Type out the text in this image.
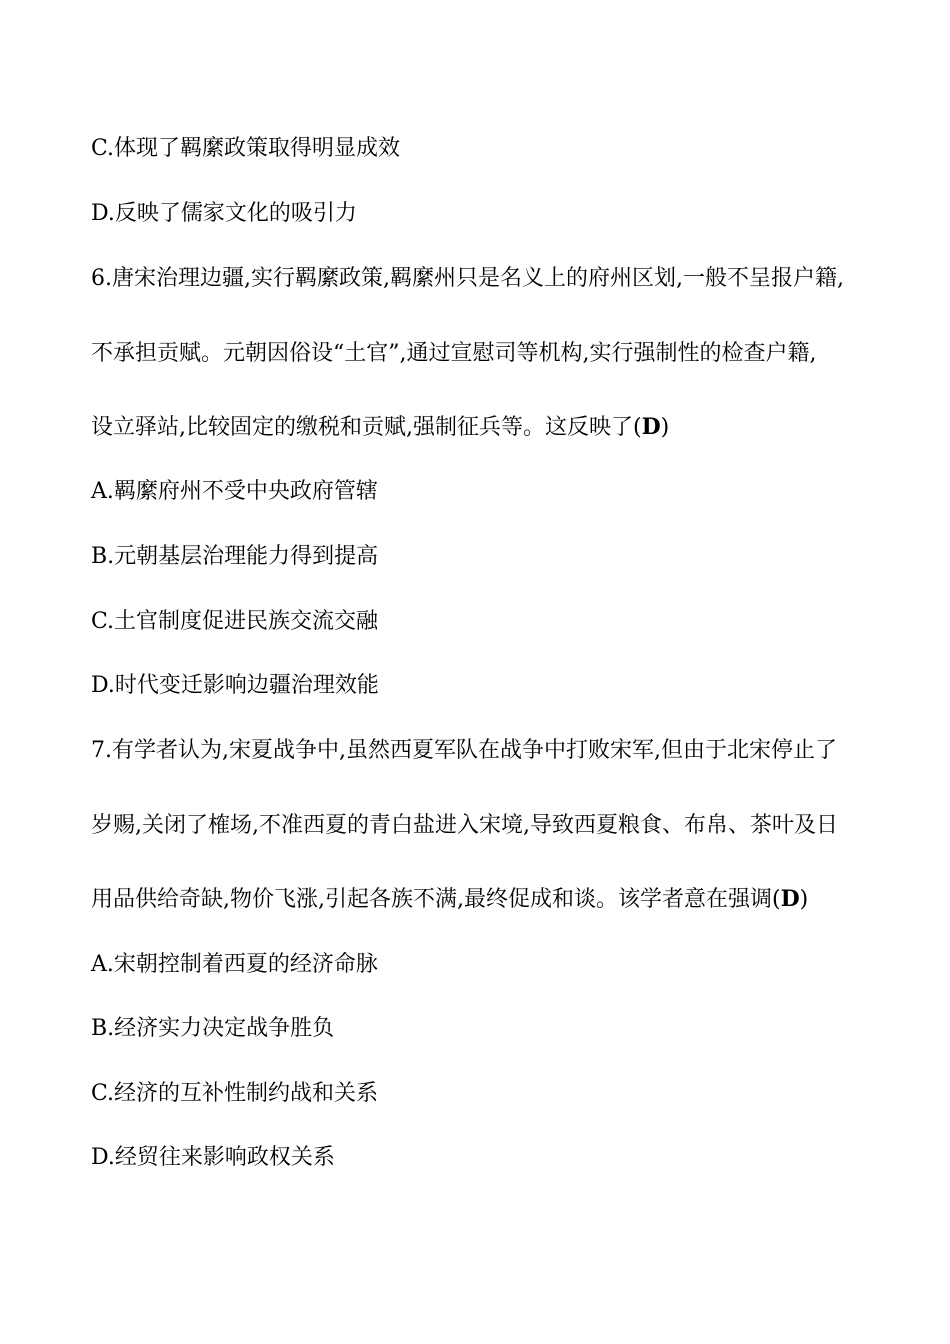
C.体现了羁縻政策取得明显成效

D.反映了儒家文化的吸引力

6.唐宋治理边疆,实行羁縻政策,羁縻州只是名义上的府州区划,一般不呈报户籍,

不承担贡赋。元朝因俗设“土官”,通过宣慰司等机构,实行强制性的检查户籍,

设立驿站,比较固定的缴税和贡赋,强制征兵等。这反映了(D)

A.羁縻府州不受中央政府管辖

B.元朝基层治理能力得到提高

C.土官制度促进民族交流交融

D.时代变迁影响边疆治理效能

7.有学者认为,宋夏战争中,虽然西夏军队在战争中打败宋军,但由于北宋停止了

岁赐,关闭了榷场,不准西夏的青白盐进入宋境,导致西夏粮食、布帛、茶叶及日

用品供给奇缺,物价飞涨,引起各族不满,最终促成和谈。该学者意在强调(D)

A.宋朝控制着西夏的经济命脉

B.经济实力决定战争胜负

C.经济的互补性制约战和关系

D.经贸往来影响政权关系
